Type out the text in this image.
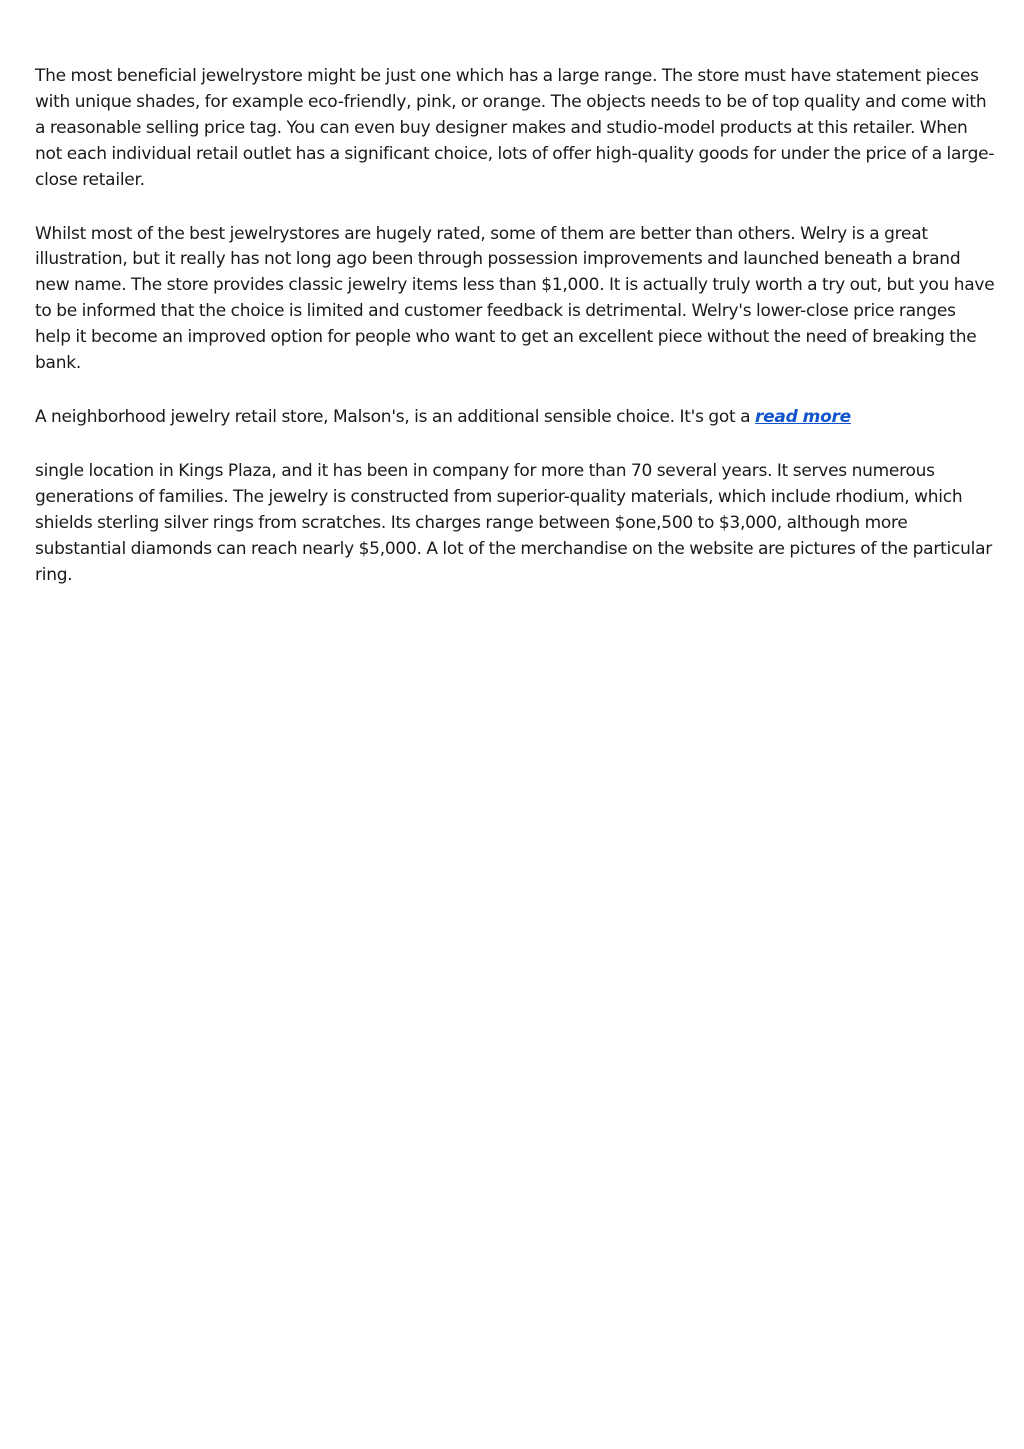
The most beneficial jewelrystore might be just one which has a large range. The store must have statement pieces with unique shades, for example eco-friendly, pink, or orange. The objects needs to be of top quality and come with a reasonable selling price tag. You can even buy designer makes and studio-model products at this retailer. When not each individual retail outlet has a significant choice, lots of offer high-quality goods for under the price of a large-close retailer.

Whilst most of the best jewelrystores are hugely rated, some of them are better than others. Welry is a great illustration, but it really has not long ago been through possession improvements and launched beneath a brand new name. The store provides classic jewelry items less than $1,000. It is actually truly worth a try out, but you have to be informed that the choice is limited and customer feedback is detrimental. Welry's lower-close price ranges help it become an improved option for people who want to get an excellent piece without the need of breaking the bank.

A neighborhood jewelry retail store, Malson's, is an additional sensible choice. It's got a read more

single location in Kings Plaza, and it has been in company for more than 70 several years. It serves numerous generations of families. The jewelry is constructed from superior-quality materials, which include rhodium, which shields sterling silver rings from scratches. Its charges range between $one,500 to $3,000, although more substantial diamonds can reach nearly $5,000. A lot of the merchandise on the website are pictures of the particular ring.
